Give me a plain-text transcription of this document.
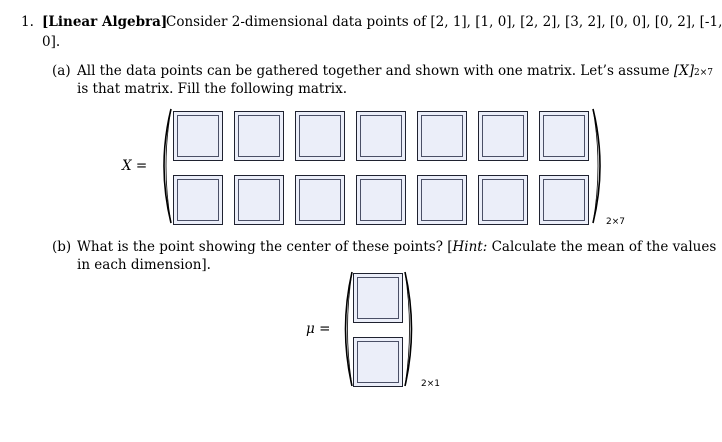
1. [Linear Algebra]
Consider 2-dimensional data points of [2, 1], [1, 0], [2, 2], [3, 2], [0, 0], [0, 2], [-1,
0].
(a) All the data points can be gathered together and shown with one matrix. Let’s assume [X]2×7
is that matrix. Fill the following matrix.
X =
2×7
(b) What is the point showing the center of these points? [Hint: Calculate the mean of the values
in each dimension].
μ =
2×1
